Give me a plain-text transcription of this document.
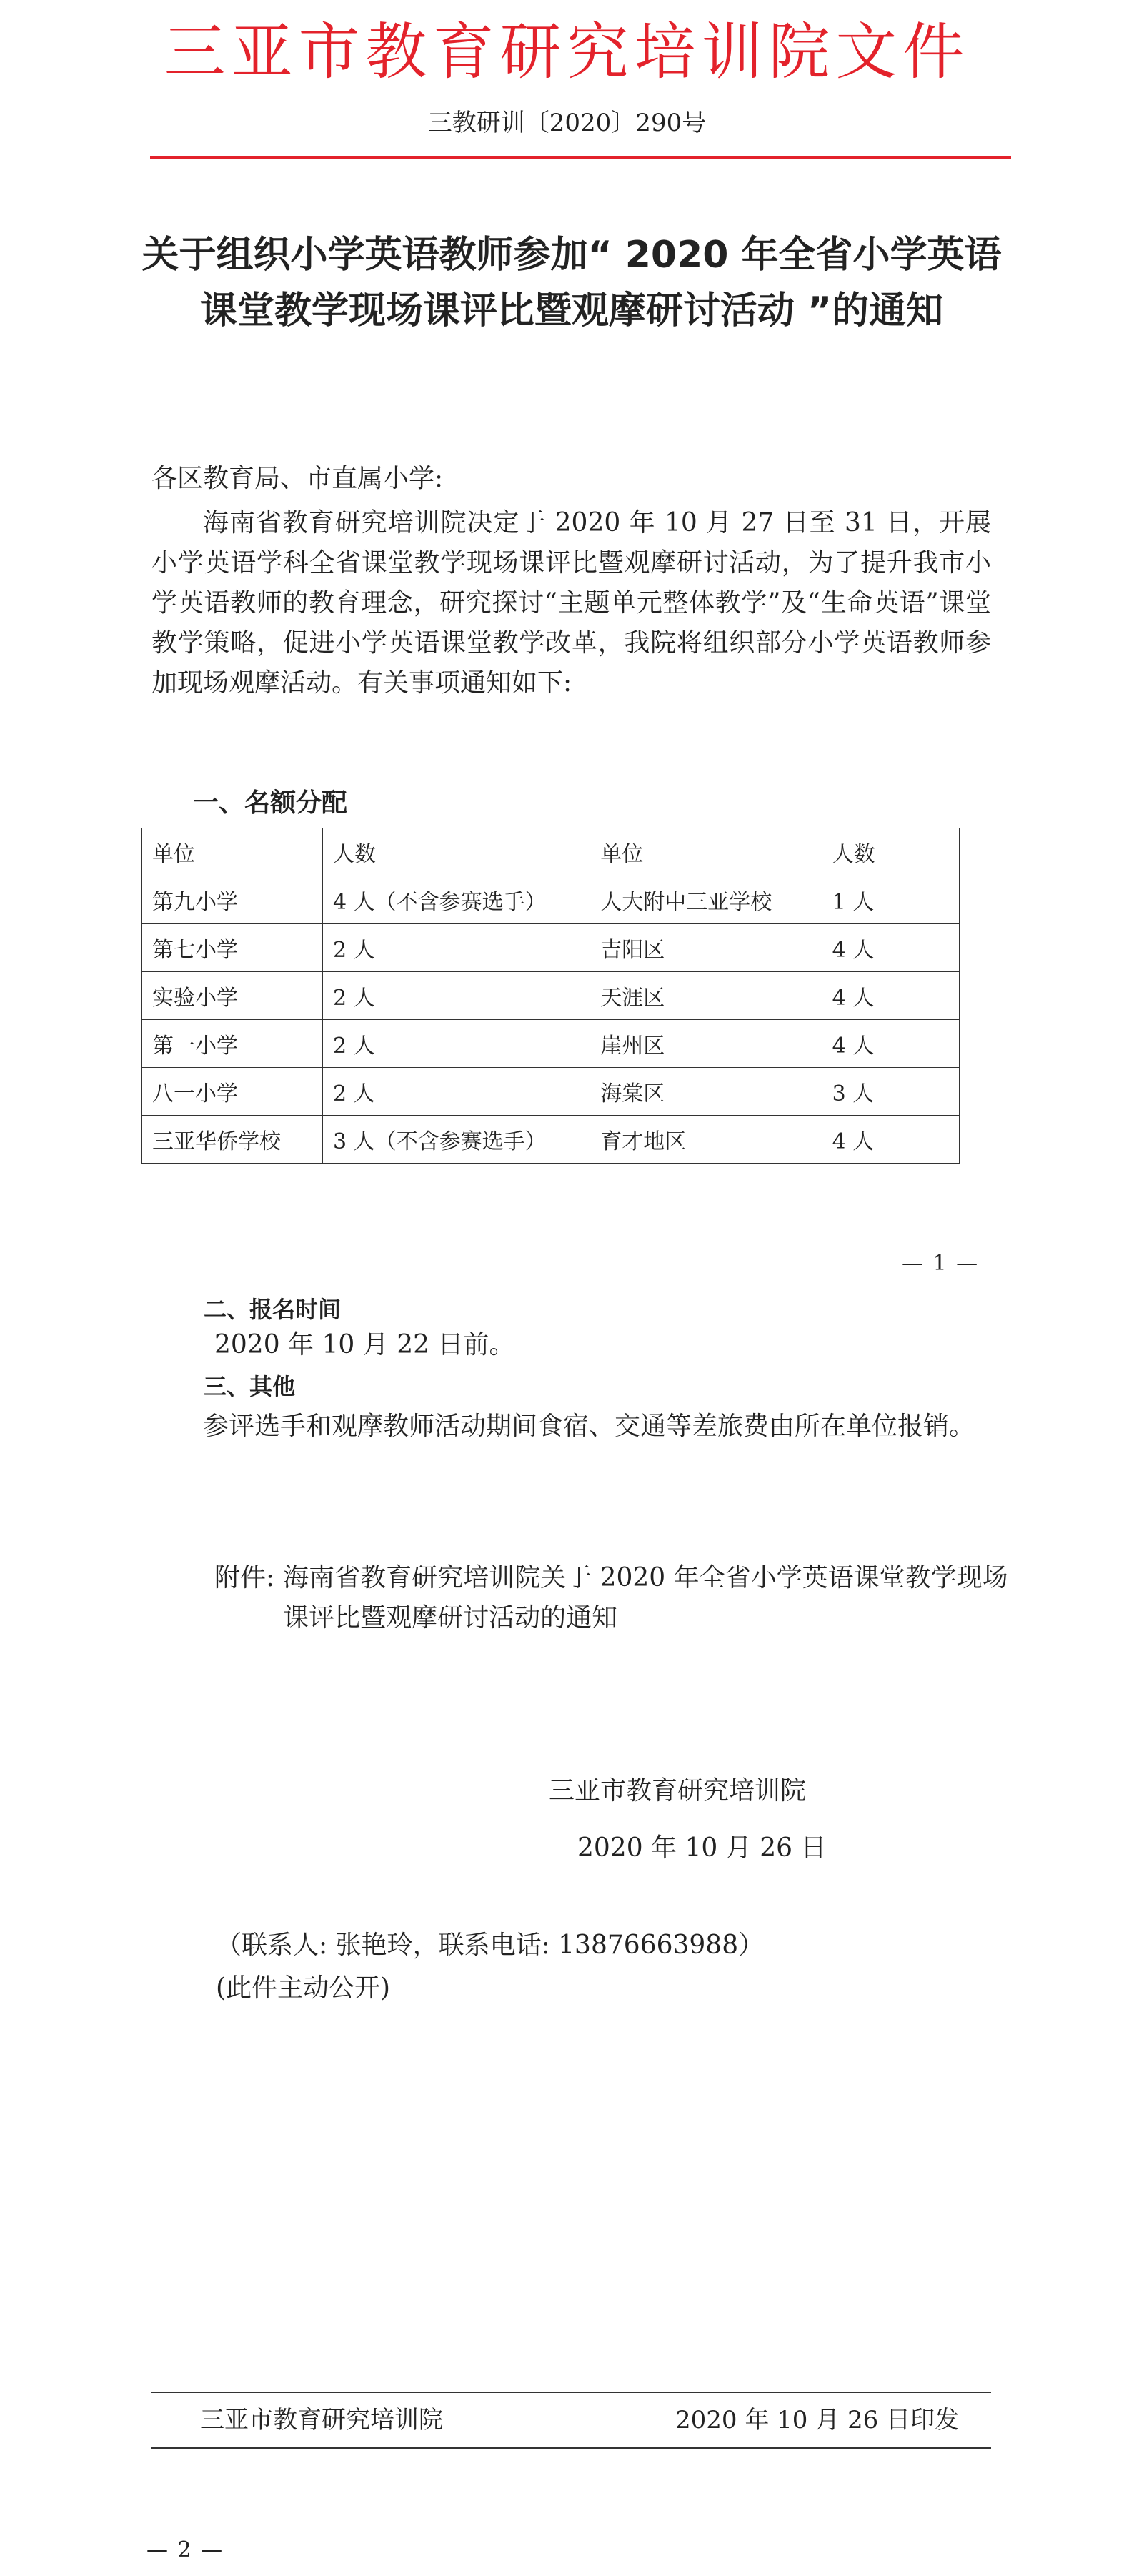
三亚市教育研究培训院文件
三教研训〔2020〕290号
关于组织小学英语教师参加“ 2020 年全省小学英语课堂教学现场课评比暨观摩研讨活动 ”的通知
各区教育局、市直属小学:
海南省教育研究培训院决定于 2020 年 10 月 27 日至 31 日，开展小学英语学科全省课堂教学现场课评比暨观摩研讨活动，为了提升我市小学英语教师的教育理念，研究探讨“主题单元整体教学”及“生命英语”课堂教学策略，促进小学英语课堂教学改革，我院将组织部分小学英语教师参加现场观摩活动。有关事项通知如下:
一、名额分配
单位	人数	单位	人数
第九小学	4 人（不含参赛选手）	人大附中三亚学校	1 人
第七小学	2 人	吉阳区	4 人
实验小学	2 人	天涯区	4 人
第一小学	2 人	崖州区	4 人
八一小学	2 人	海棠区	3 人
三亚华侨学校	3 人（不含参赛选手）	育才地区	4 人
— 1 —
二、报名时间
2020 年 10 月 22 日前。
三、其他
参评选手和观摩教师活动期间食宿、交通等差旅费由所在单位报销。
附件: 海南省教育研究培训院关于 2020 年全省小学英语课堂教学现场课评比暨观摩研讨活动的通知
三亚市教育研究培训院
2020 年 10 月 26 日
（联系人: 张艳玲，联系电话: 13876663988）
(此件主动公开)
三亚市教育研究培训院	2020 年 10 月 26 日印发
— 2 —
